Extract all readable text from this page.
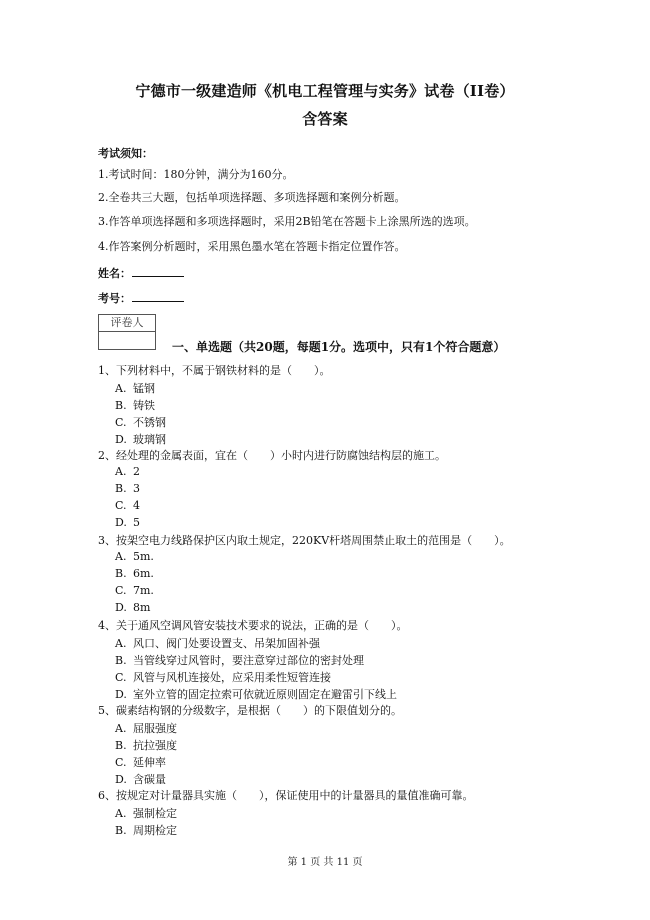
宁德市一级建造师《机电工程管理与实务》试卷（II卷）
含答案
考试须知：
1.考试时间：180分钟，满分为160分。
2.全卷共三大题，包括单项选择题、多项选择题和案例分析题。
3.作答单项选择题和多项选择题时，采用2B铅笔在答题卡上涂黑所选的选项。
4.作答案例分析题时，采用黑色墨水笔在答题卡指定位置作答。
姓名：
考号：
评卷人
一、单选题（共20题，每题1分。选项中，只有1个符合题意）
1、下列材料中，不属于钢铁材料的是（　　）。
A. 锰钢
B. 铸铁
C. 不锈钢
D. 玻璃钢
2、经处理的金属表面，宜在（　　）小时内进行防腐蚀结构层的施工。
A. 2
B. 3
C. 4
D. 5
3、按架空电力线路保护区内取土规定，220KV杆塔周围禁止取土的范围是（　　）。
A. 5m.
B. 6m.
C. 7m.
D. 8m
4、关于通风空调风管安装技术要求的说法，正确的是（　　）。
A. 风口、阀门处要设置支、吊架加固补强
B. 当管线穿过风管时，要注意穿过部位的密封处理
C. 风管与风机连接处，应采用柔性短管连接
D. 室外立管的固定拉索可依就近原则固定在避雷引下线上
5、碳素结构钢的分级数字，是根据（　　）的下限值划分的。
A. 屈服强度
B. 抗拉强度
C. 延伸率
D. 含碳量
6、按规定对计量器具实施（　　），保证使用中的计量器具的量值准确可靠。
A. 强制检定
B. 周期检定
第 1 页 共 11 页
